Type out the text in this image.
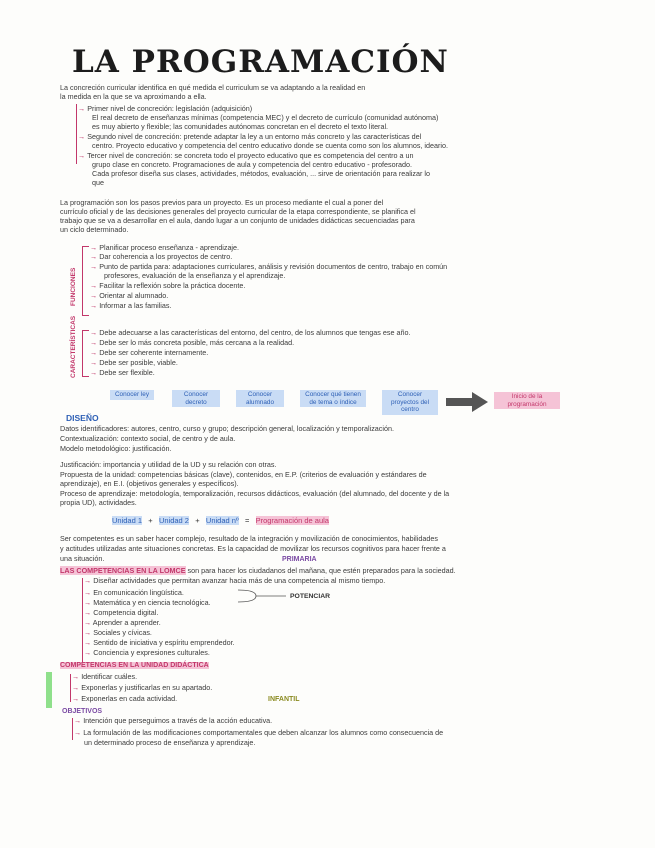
LA PROGRAMACIÓN
La concreción curricular identifica en qué medida el curriculum se va adaptando a la realidad en
la medida en la que se va aproximando a ella.
→ Primer nivel de concreción: legislación (adquisición)
El real decreto de enseñanzas mínimas (competencia MEC) y el decreto de currículo (comunidad autónoma)
es muy abierto y flexible; las comunidades autónomas concretan en el decreto el texto literal.
→ Segundo nivel de concreción: pretende adaptar la ley a un entorno más concreto y las características del
centro. Proyecto educativo y competencia del centro educativo donde se cuenta como son los alumnos, ideario.
→ Tercer nivel de concreción: se concreta todo el proyecto educativo que es competencia del centro a un
grupo clase en concreto. Programaciones de aula y competencia del centro educativo - profesorado.
Cada profesor diseña sus clases, actividades, métodos, evaluación, ... sirve de orientación para realizar lo
que
La programación son los pasos previos para un proyecto. Es un proceso mediante el cual a poner del
currículo oficial y de las decisiones generales del proyecto curricular de la etapa correspondiente, se planifica el
trabajo que se va a desarrollar en el aula, dando lugar a un conjunto de unidades didácticas secuenciadas para
un ciclo determinado.
FUNCIONES
→ Planificar proceso enseñanza - aprendizaje.
→ Dar coherencia a los proyectos de centro.
→ Punto de partida para: adaptaciones curriculares, análisis y revisión documentos de centro, trabajo en común
profesores, evaluación de la enseñanza y el aprendizaje.
→ Facilitar la reflexión sobre la práctica docente.
→ Orientar al alumnado.
→ Informar a las familias.
CARACTERÍSTICAS → Debe adecuarse a las características del entorno, del centro, de los alumnos que tengas ese año.
→ Debe ser lo más concreta posible, más cercana a la realidad.
→ Debe ser coherente internamente.
→ Debe ser posible, viable.
→ Debe ser flexible.
Conocer ley	Conocer decreto
Conocer alumnado
Conocer qué tienen de tema o índice
Conocer proyectos del centro
Inicio de la programación
DISEÑO
Datos identificadores: autores, centro, curso y grupo; descripción general, localización y temporalización.
Contextualización: contexto social, de centro y de aula.
Modelo metodológico: justificación.
Justificación: importancia y utilidad de la UD y su relación con otras.
Propuesta de la unidad: competencias básicas (clave), contenidos, en E.P. (criterios de evaluación y estándares de
aprendizaje), en E.I. (objetivos generales y específicos).
Proceso de aprendizaje: metodología, temporalización, recursos didácticos, evaluación (del alumnado, del docente y de la
propia UD), actividades.
Unidad 1 + Unidad 2 + Unidad nº = Programación de aula
Ser competentes es un saber hacer complejo, resultado de la integración y movilización de conocimientos, habilidades
y actitudes utilizadas ante situaciones concretas. Es la capacidad de movilizar los recursos cognitivos para hacer frente a
una situación.	PRIMARIA
LAS COMPETENCIAS EN LA LOMCE son para hacer los ciudadanos del mañana, que estén preparados para la sociedad.
→ Diseñar actividades que permitan avanzar hacia más de una competencia al mismo tiempo.
→ En comunicación lingüística.
→ Matemática y en ciencia tecnológica.
→ Competencia digital.
→ Aprender a aprender.
→ Sociales y cívicas.
→ Sentido de iniciativa y espíritu emprendedor.
→ Conciencia y expresiones culturales.
POTENCIAR
COMPETENCIAS EN LA UNIDAD DIDÁCTICA
→ Identificar cuáles.
→ Exponerlas y justificarlas en su apartado.
→ Exponerlas en cada actividad.	INFANTIL
OBJETIVOS
→ Intención que perseguimos a través de la acción educativa.
→ La formulación de las modificaciones comportamentales que deben alcanzar los alumnos como consecuencia de
un determinado proceso de enseñanza y aprendizaje.
